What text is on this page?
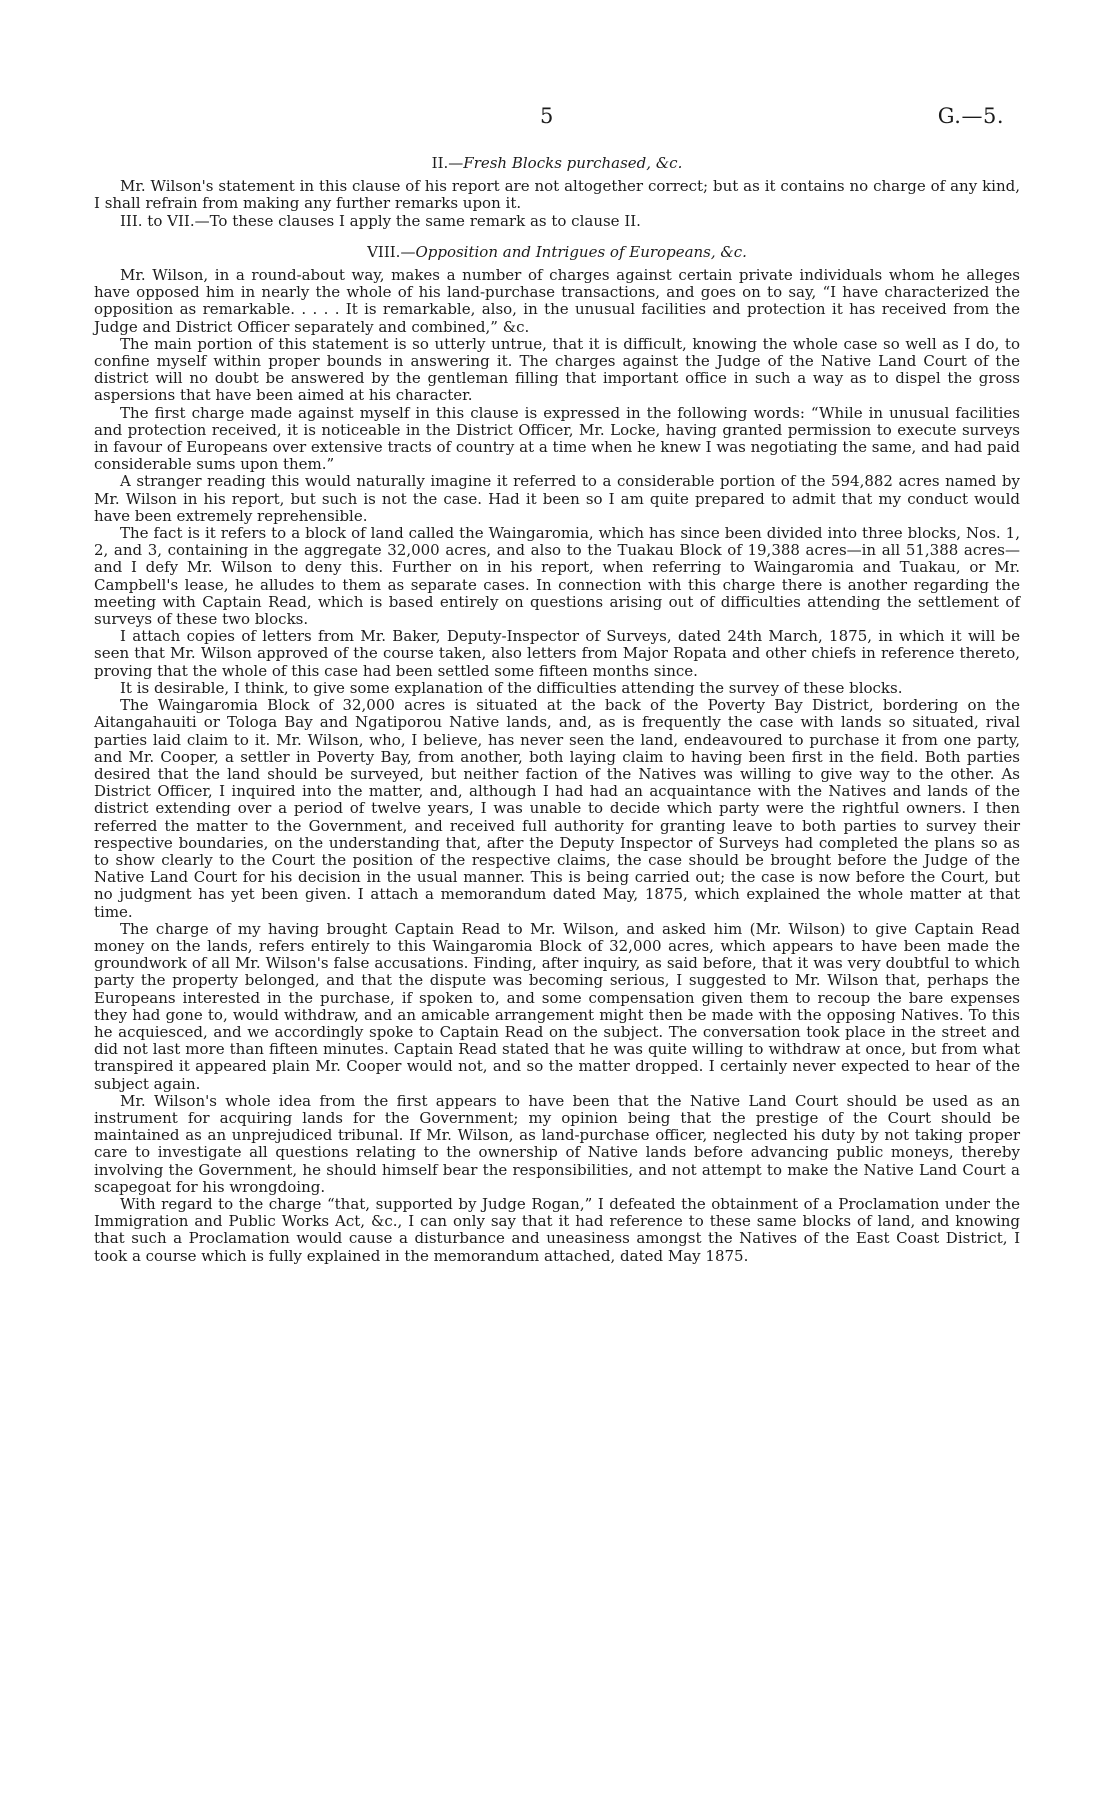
5	G.—5.
II.—Fresh Blocks purchased, &c.

Mr. Wilson's statement in this clause of his report are not altogether correct; but as it contains no charge of any kind, I shall refrain from making any further remarks upon it.

III. to VII.—To these clauses I apply the same remark as to clause II.

VIII.—Opposition and Intrigues of Europeans, &c.

Mr. Wilson, in a round-about way, makes a number of charges against certain private individuals whom he alleges have opposed him in nearly the whole of his land-purchase transactions, and goes on to say, “I have characterized the opposition as remarkable. . . . . It is remarkable, also, in the unusual facilities and protection it has received from the Judge and District Officer separately and combined,” &c.

The main portion of this statement is so utterly untrue, that it is difficult, knowing the whole case so well as I do, to confine myself within proper bounds in answering it. The charges against the Judge of the Native Land Court of the district will no doubt be answered by the gentleman filling that important office in such a way as to dispel the gross aspersions that have been aimed at his character.

The first charge made against myself in this clause is expressed in the following words: “While in unusual facilities and protection received, it is noticeable in the District Officer, Mr. Locke, having granted permission to execute surveys in favour of Europeans over extensive tracts of country at a time when he knew I was negotiating the same, and had paid considerable sums upon them.”

A stranger reading this would naturally imagine it referred to a considerable portion of the 594,882 acres named by Mr. Wilson in his report, but such is not the case. Had it been so I am quite prepared to admit that my conduct would have been extremely reprehensible.

The fact is it refers to a block of land called the Waingaromia, which has since been divided into three blocks, Nos. 1, 2, and 3, containing in the aggregate 32,000 acres, and also to the Tuakau Block of 19,388 acres—in all 51,388 acres—and I defy Mr. Wilson to deny this. Further on in his report, when referring to Waingaromia and Tuakau, or Mr. Campbell's lease, he alludes to them as separate cases. In connection with this charge there is another regarding the meeting with Captain Read, which is based entirely on questions arising out of difficulties attending the settlement of surveys of these two blocks.

I attach copies of letters from Mr. Baker, Deputy-Inspector of Surveys, dated 24th March, 1875, in which it will be seen that Mr. Wilson approved of the course taken, also letters from Major Ropata and other chiefs in reference thereto, proving that the whole of this case had been settled some fifteen months since.

It is desirable, I think, to give some explanation of the difficulties attending the survey of these blocks.

The Waingaromia Block of 32,000 acres is situated at the back of the Poverty Bay District, bordering on the Aitangahauiti or Tologa Bay and Ngatiporou Native lands, and, as is frequently the case with lands so situated, rival parties laid claim to it. Mr. Wilson, who, I believe, has never seen the land, endeavoured to purchase it from one party, and Mr. Cooper, a settler in Poverty Bay, from another, both laying claim to having been first in the field. Both parties desired that the land should be surveyed, but neither faction of the Natives was willing to give way to the other. As District Officer, I inquired into the matter, and, although I had had an acquaintance with the Natives and lands of the district extending over a period of twelve years, I was unable to decide which party were the rightful owners. I then referred the matter to the Government, and received full authority for granting leave to both parties to survey their respective boundaries, on the understanding that, after the Deputy Inspector of Surveys had completed the plans so as to show clearly to the Court the position of the respective claims, the case should be brought before the Judge of the Native Land Court for his decision in the usual manner. This is being carried out; the case is now before the Court, but no judgment has yet been given. I attach a memorandum dated May, 1875, which explained the whole matter at that time.

The charge of my having brought Captain Read to Mr. Wilson, and asked him (Mr. Wilson) to give Captain Read money on the lands, refers entirely to this Waingaromia Block of 32,000 acres, which appears to have been made the groundwork of all Mr. Wilson's false accusations. Finding, after inquiry, as said before, that it was very doubtful to which party the property belonged, and that the dispute was becoming serious, I suggested to Mr. Wilson that, perhaps the Europeans interested in the purchase, if spoken to, and some compensation given them to recoup the bare expenses they had gone to, would withdraw, and an amicable arrangement might then be made with the opposing Natives. To this he acquiesced, and we accordingly spoke to Captain Read on the subject. The conversation took place in the street and did not last more than fifteen minutes. Captain Read stated that he was quite willing to withdraw at once, but from what transpired it appeared plain Mr. Cooper would not, and so the matter dropped. I certainly never expected to hear of the subject again.

Mr. Wilson's whole idea from the first appears to have been that the Native Land Court should be used as an instrument for acquiring lands for the Government; my opinion being that the prestige of the Court should be maintained as an unprejudiced tribunal. If Mr. Wilson, as land-purchase officer, neglected his duty by not taking proper care to investigate all questions relating to the ownership of Native lands before advancing public moneys, thereby involving the Government, he should himself bear the responsibilities, and not attempt to make the Native Land Court a scapegoat for his wrongdoing.

With regard to the charge “that, supported by Judge Rogan,” I defeated the obtainment of a Proclamation under the Immigration and Public Works Act, &c., I can only say that it had reference to these same blocks of land, and knowing that such a Proclamation would cause a disturbance and uneasiness amongst the Natives of the East Coast District, I took a course which is fully explained in the memorandum attached, dated May 1875.
